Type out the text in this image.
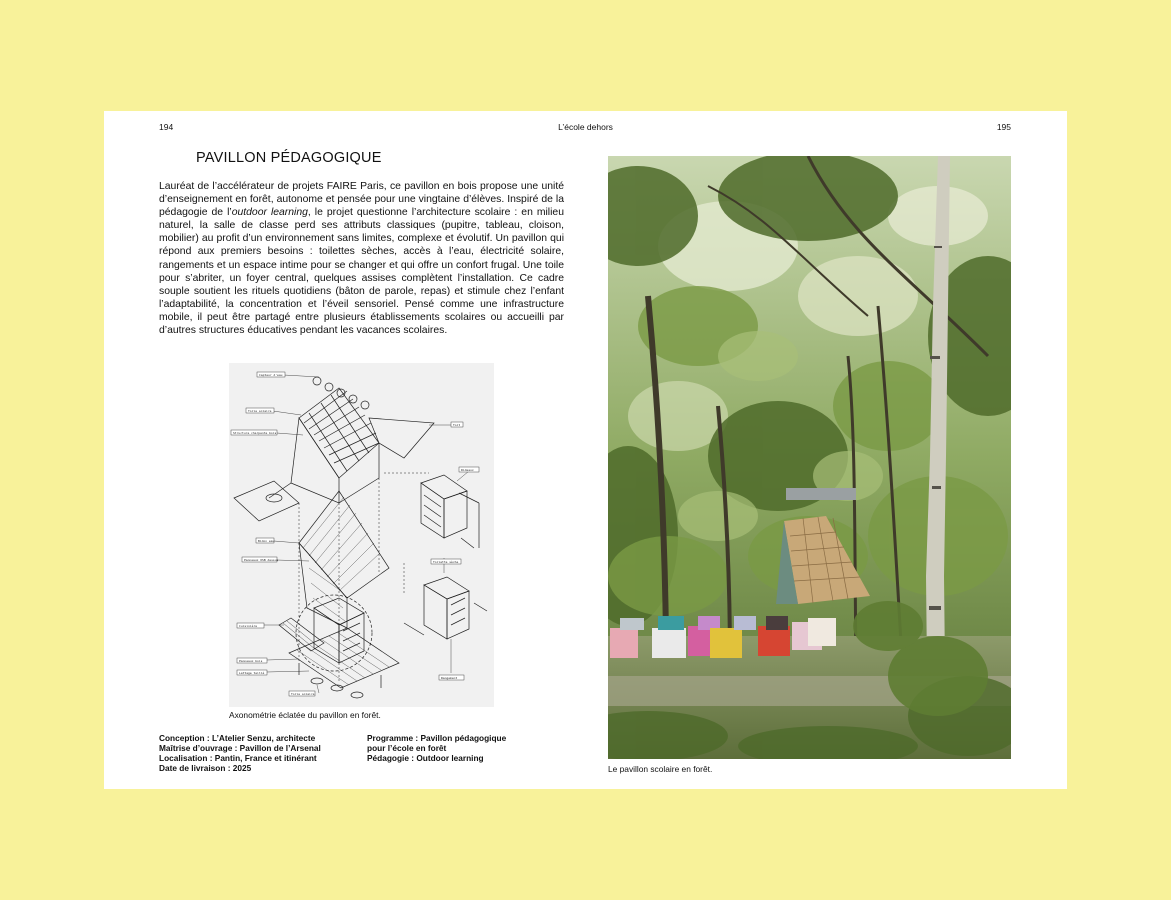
194	L’école dehors	195
PAVILLON PÉDAGOGIQUE

Lauréat de l’accélérateur de projets FAIRE Paris, ce pavillon en bois propose une unité d’enseignement en forêt, autonome et pensée pour une vingtaine d’élèves. Inspiré de la pédagogie de l’outdoor learning, le projet questionne l’architecture scolaire : en milieu naturel, la salle de classe perd ses attributs classiques (pupitre, tableau, cloison, mobilier) au profit d’un environnement sans limites, complexe et évolutif. Un pavillon qui répond aux premiers besoins : toilettes sèches, accès à l’eau, électricité solaire, rangements et un espace intime pour se changer et qui offre un confort frugal. Une toile pour s’abriter, un foyer central, quelques assises complètent l’installation. Ce cadre souple soutient les rituels quotidiens (bâton de parole, repas) et stimule chez l’enfant l’adaptabilité, la concentration et l’éveil sensoriel. Pensé comme une infrastructure mobile, il peut être partagé entre plusieurs établissements scolaires ou accueilli par d’autres structures éducatives pendant les vacances scolaires.

Capteur d'eau
Toile solaire
Structure charpente bois
Toit
Rideaux
Bidon eau
Panneaux OSB dessus	Toilette sèche
Cuisinière
Panneaux bois
Lattage teillé
Toile solaire
Rangement
Axonométrie éclatée du pavillon en forêt.
Conception : L’Atelier Senzu, architecte
Maîtrise d’ouvrage : Pavillon de l’Arsenal
Localisation : Pantin, France et itinérant
Date de livraison : 2025
Programme : Pavillon pédagogique
pour l’école en forêt
Pédagogie : Outdoor learning
Le pavillon scolaire en forêt.
